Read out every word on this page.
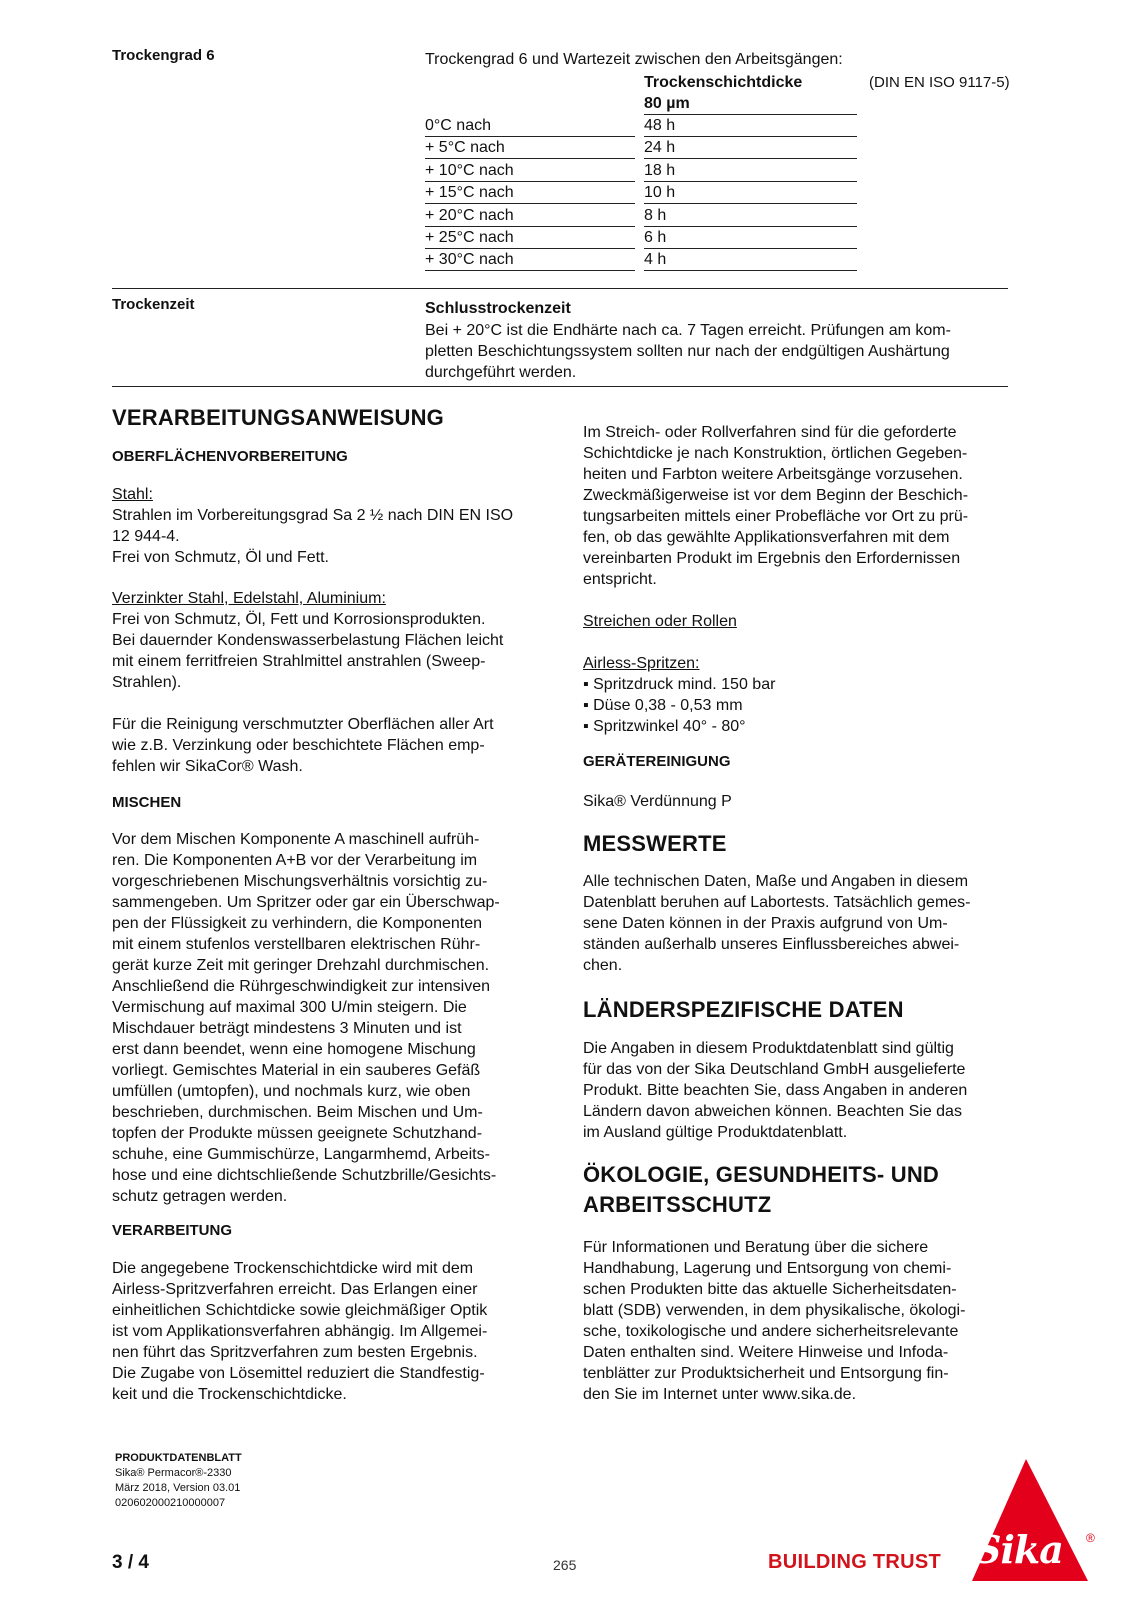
Trockengrad 6	Trockengrad 6 und Wartezeit zwischen den Arbeitsgängen:
Trockenschichtdicke
80 µm
(DIN EN ISO 9117-5)
0°C nach	48 h
+ 5°C nach	24 h
+ 10°C nach	18 h
+ 15°C nach	10 h
+ 20°C nach	8 h
+ 25°C nach	6 h
+ 30°C nach	4 h
Trockenzeit	Schlusstrockenzeit

Bei + 20°C ist die Endhärte nach ca. 7 Tagen erreicht. Prüfungen am kom-
pletten Beschichtungssystem sollten nur nach der endgültigen Aushärtung
durchgeführt werden.

VERARBEITUNGSANWEISUNG
OBERFLÄCHENVORBEREITUNG
Stahl:

Strahlen im Vorbereitungsgrad Sa 2 ½ nach DIN EN ISO
12 944-4.
Frei von Schmutz, Öl und Fett.

Verzinkter Stahl, Edelstahl, Aluminium:

Frei von Schmutz, Öl, Fett und Korrosionsprodukten.
Bei dauernder Kondenswasserbelastung Flächen leicht
mit einem ferritfreien Strahlmittel anstrahlen (Sweep-
Strahlen).

Für die Reinigung verschmutzter Oberflächen aller Art
wie z.B. Verzinkung oder beschichtete Flächen emp-
fehlen wir SikaCor® Wash.

MISCHEN

Vor dem Mischen Komponente A maschinell aufrüh-
ren. Die Komponenten A+B vor der Verarbeitung im
vorgeschriebenen Mischungsverhältnis vorsichtig zu-
sammengeben. Um Spritzer oder gar ein Überschwap-
pen der Flüssigkeit zu verhindern, die Komponenten
mit einem stufenlos verstellbaren elektrischen Rühr-
gerät kurze Zeit mit geringer Drehzahl durchmischen.
Anschließend die Rührgeschwindigkeit zur intensiven
Vermischung auf maximal 300 U/min steigern. Die
Mischdauer beträgt mindestens 3 Minuten und ist
erst dann beendet, wenn eine homogene Mischung
vorliegt. Gemischtes Material in ein sauberes Gefäß
umfüllen (umtopfen), und nochmals kurz, wie oben
beschrieben, durchmischen. Beim Mischen und Um-
topfen der Produkte müssen geeignete Schutzhand-
schuhe, eine Gummischürze, Langarmhemd, Arbeits-
hose und eine dichtschließende Schutzbrille/Gesichts-
schutz getragen werden.

VERARBEITUNG

Die angegebene Trockenschichtdicke wird mit dem
Airless-Spritzverfahren erreicht. Das Erlangen einer
einheitlichen Schichtdicke sowie gleichmäßiger Optik
ist vom Applikationsverfahren abhängig. Im Allgemei-
nen führt das Spritzverfahren zum besten Ergebnis.
Die Zugabe von Lösemittel reduziert die Standfestig-
keit und die Trockenschichtdicke.

Im Streich- oder Rollverfahren sind für die geforderte
Schichtdicke je nach Konstruktion, örtlichen Gegeben-
heiten und Farbton weitere Arbeitsgänge vorzusehen.
Zweckmäßigerweise ist vor dem Beginn der Beschich-
tungsarbeiten mittels einer Probefläche vor Ort zu prü-
fen, ob das gewählte Applikationsverfahren mit dem
vereinbarten Produkt im Ergebnis den Erfordernissen
entspricht.

Streichen oder Rollen
Airless-Spritzen:
▪ Spritzdruck mind. 150 bar
▪ Düse 0,38 - 0,53 mm
▪ Spritzwinkel 40° - 80°
GERÄTEREINIGUNG
Sika® Verdünnung P
MESSWERTE

Alle technischen Daten, Maße und Angaben in diesem
Datenblatt beruhen auf Labortests. Tatsächlich gemes-
sene Daten können in der Praxis aufgrund von Um-
ständen außerhalb unseres Einflussbereiches abwei-
chen.

LÄNDERSPEZIFISCHE DATEN

Die Angaben in diesem Produktdatenblatt sind gültig
für das von der Sika Deutschland GmbH ausgelieferte
Produkt. Bitte beachten Sie, dass Angaben in anderen
Ländern davon abweichen können. Beachten Sie das
im Ausland gültige Produktdatenblatt.

ÖKOLOGIE, GESUNDHEITS- UND
ARBEITSSCHUTZ

Für Informationen und Beratung über die sichere
Handhabung, Lagerung und Entsorgung von chemi-
schen Produkten bitte das aktuelle Sicherheitsdaten-
blatt (SDB) verwenden, in dem physikalische, ökologi-
sche, toxikologische und andere sicherheitsrelevante
Daten enthalten sind. Weitere Hinweise und Infoda-
tenblätter zur Produktsicherheit und Entsorgung fin-
den Sie im Internet unter www.sika.de.

PRODUKTDATENBLATT
Sika® Permacor®-2330
März 2018, Version 03.01
020602000210000007
3 / 4	265	BUILDING TRUST Sika ®
